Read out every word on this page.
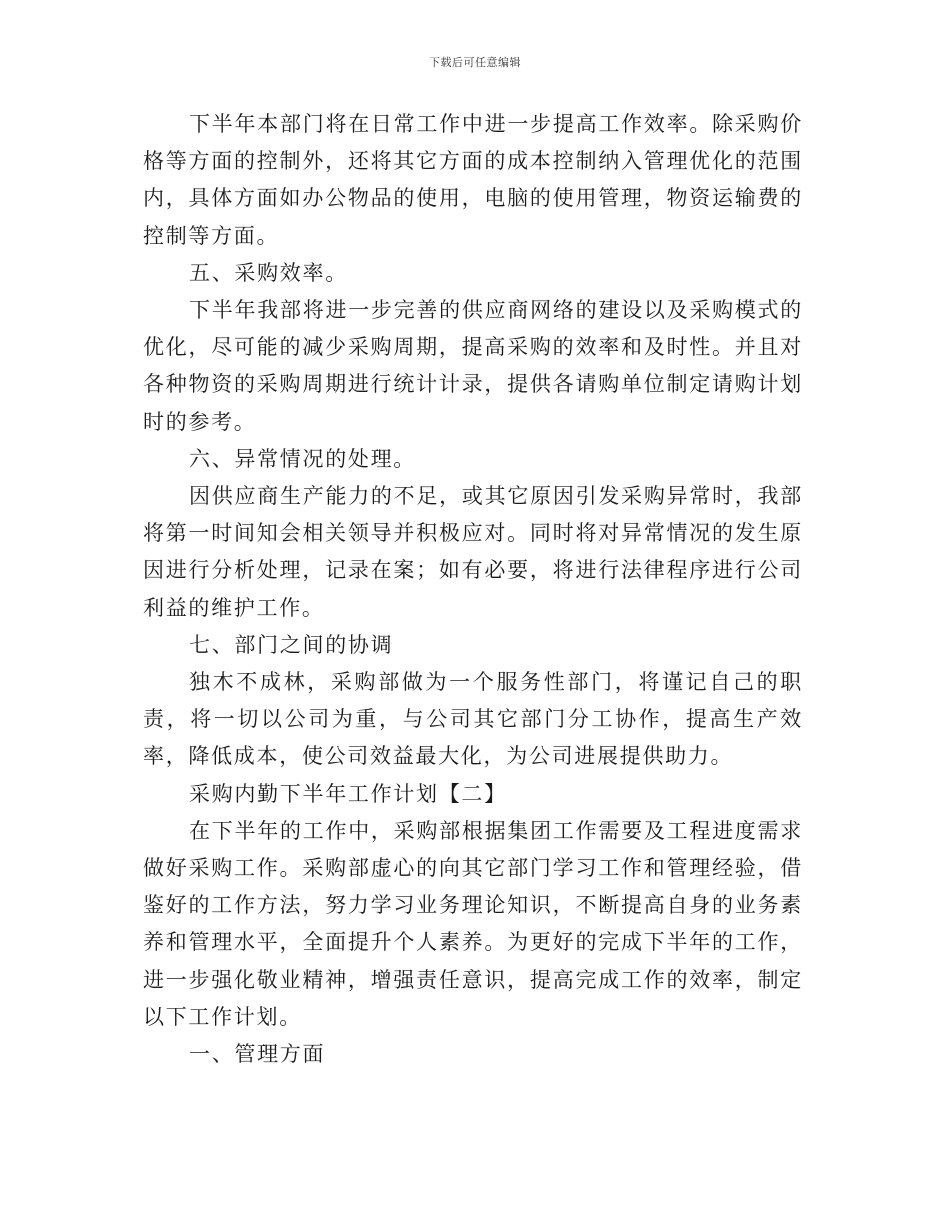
下载后可任意编辑

下半年本部门将在日常工作中进一步提高工作效率。除采购价格等方面的控制外，还将其它方面的成本控制纳入管理优化的范围内，具体方面如办公物品的使用，电脑的使用管理，物资运输费的控制等方面。

五、采购效率。

下半年我部将进一步完善的供应商网络的建设以及采购模式的优化，尽可能的减少采购周期，提高采购的效率和及时性。并且对各种物资的采购周期进行统计计录，提供各请购单位制定请购计划时的参考。

六、异常情况的处理。

因供应商生产能力的不足，或其它原因引发采购异常时，我部将第一时间知会相关领导并积极应对。同时将对异常情况的发生原因进行分析处理，记录在案；如有必要，将进行法律程序进行公司利益的维护工作。

七、部门之间的协调

独木不成林，采购部做为一个服务性部门，将谨记自己的职责，将一切以公司为重，与公司其它部门分工协作，提高生产效率，降低成本，使公司效益最大化，为公司进展提供助力。

采购内勤下半年工作计划【二】

在下半年的工作中，采购部根据集团工作需要及工程进度需求做好采购工作。采购部虚心的向其它部门学习工作和管理经验，借鉴好的工作方法，努力学习业务理论知识，不断提高自身的业务素养和管理水平，全面提升个人素养。为更好的完成下半年的工作，进一步强化敬业精神，增强责任意识，提高完成工作的效率，制定以下工作计划。

一、管理方面
